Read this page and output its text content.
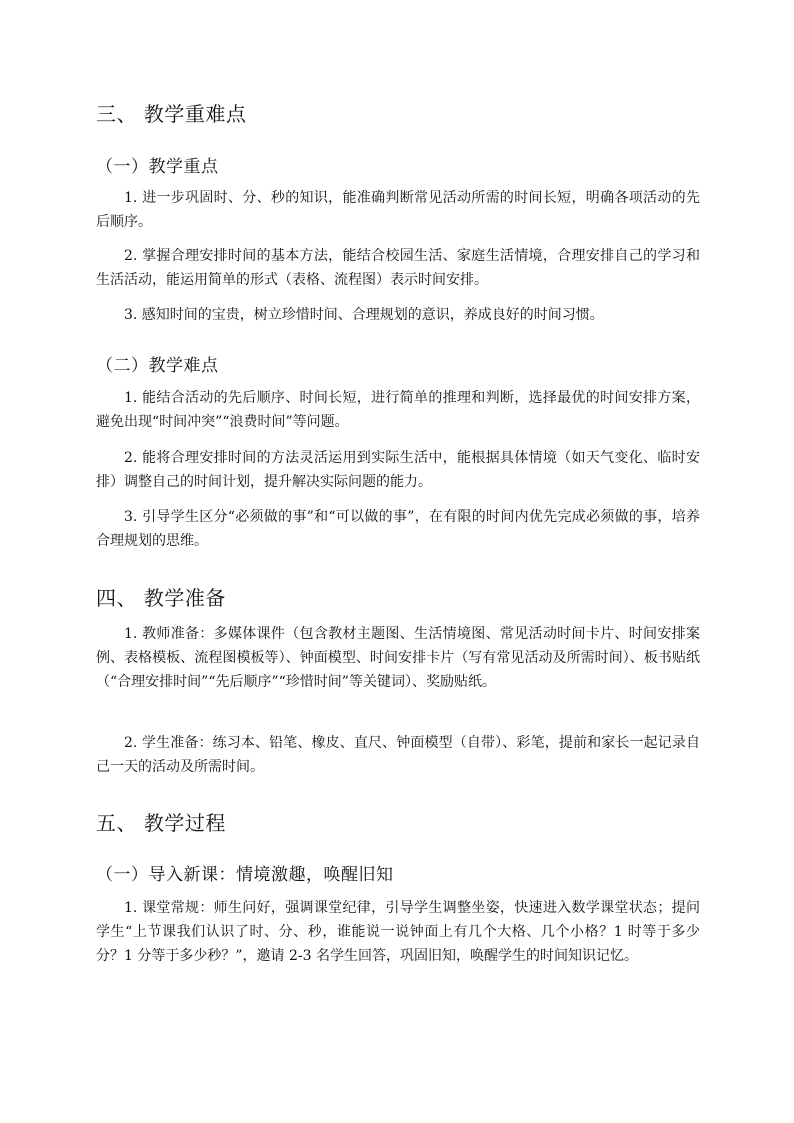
三、 教学重难点
（一）教学重点

1. 进一步巩固时、分、秒的知识，能准确判断常见活动所需的时间长短，明确各项活动的先后顺序。

2. 掌握合理安排时间的基本方法，能结合校园生活、家庭生活情境，合理安排自己的学习和生活活动，能运用简单的形式（表格、流程图）表示时间安排。

3. 感知时间的宝贵，树立珍惜时间、合理规划的意识，养成良好的时间习惯。

（二）教学难点

1. 能结合活动的先后顺序、时间长短，进行简单的推理和判断，选择最优的时间安排方案，避免出现“时间冲突”“浪费时间”等问题。

2. 能将合理安排时间的方法灵活运用到实际生活中，能根据具体情境（如天气变化、临时安排）调整自己的时间计划，提升解决实际问题的能力。

3. 引导学生区分“必须做的事”和“可以做的事”，在有限的时间内优先完成必须做的事，培养合理规划的思维。

四、 教学准备

1. 教师准备：多媒体课件（包含教材主题图、生活情境图、常见活动时间卡片、时间安排案例、表格模板、流程图模板等）、钟面模型、时间安排卡片（写有常见活动及所需时间）、板书贴纸（“合理安排时间”“先后顺序”“珍惜时间”等关键词）、奖励贴纸。

2. 学生准备：练习本、铅笔、橡皮、直尺、钟面模型（自带）、彩笔，提前和家长一起记录自己一天的活动及所需时间。

五、 教学过程
（一）导入新课：情境激趣，唤醒旧知

1. 课堂常规：师生问好，强调课堂纪律，引导学生调整坐姿，快速进入数学课堂状态；提问学生“上节课我们认识了时、分、秒，谁能说一说钟面上有几个大格、几个小格？1 时等于多少分？1 分等于多少秒？”，邀请 2-3 名学生回答，巩固旧知，唤醒学生的时间知识记忆。
